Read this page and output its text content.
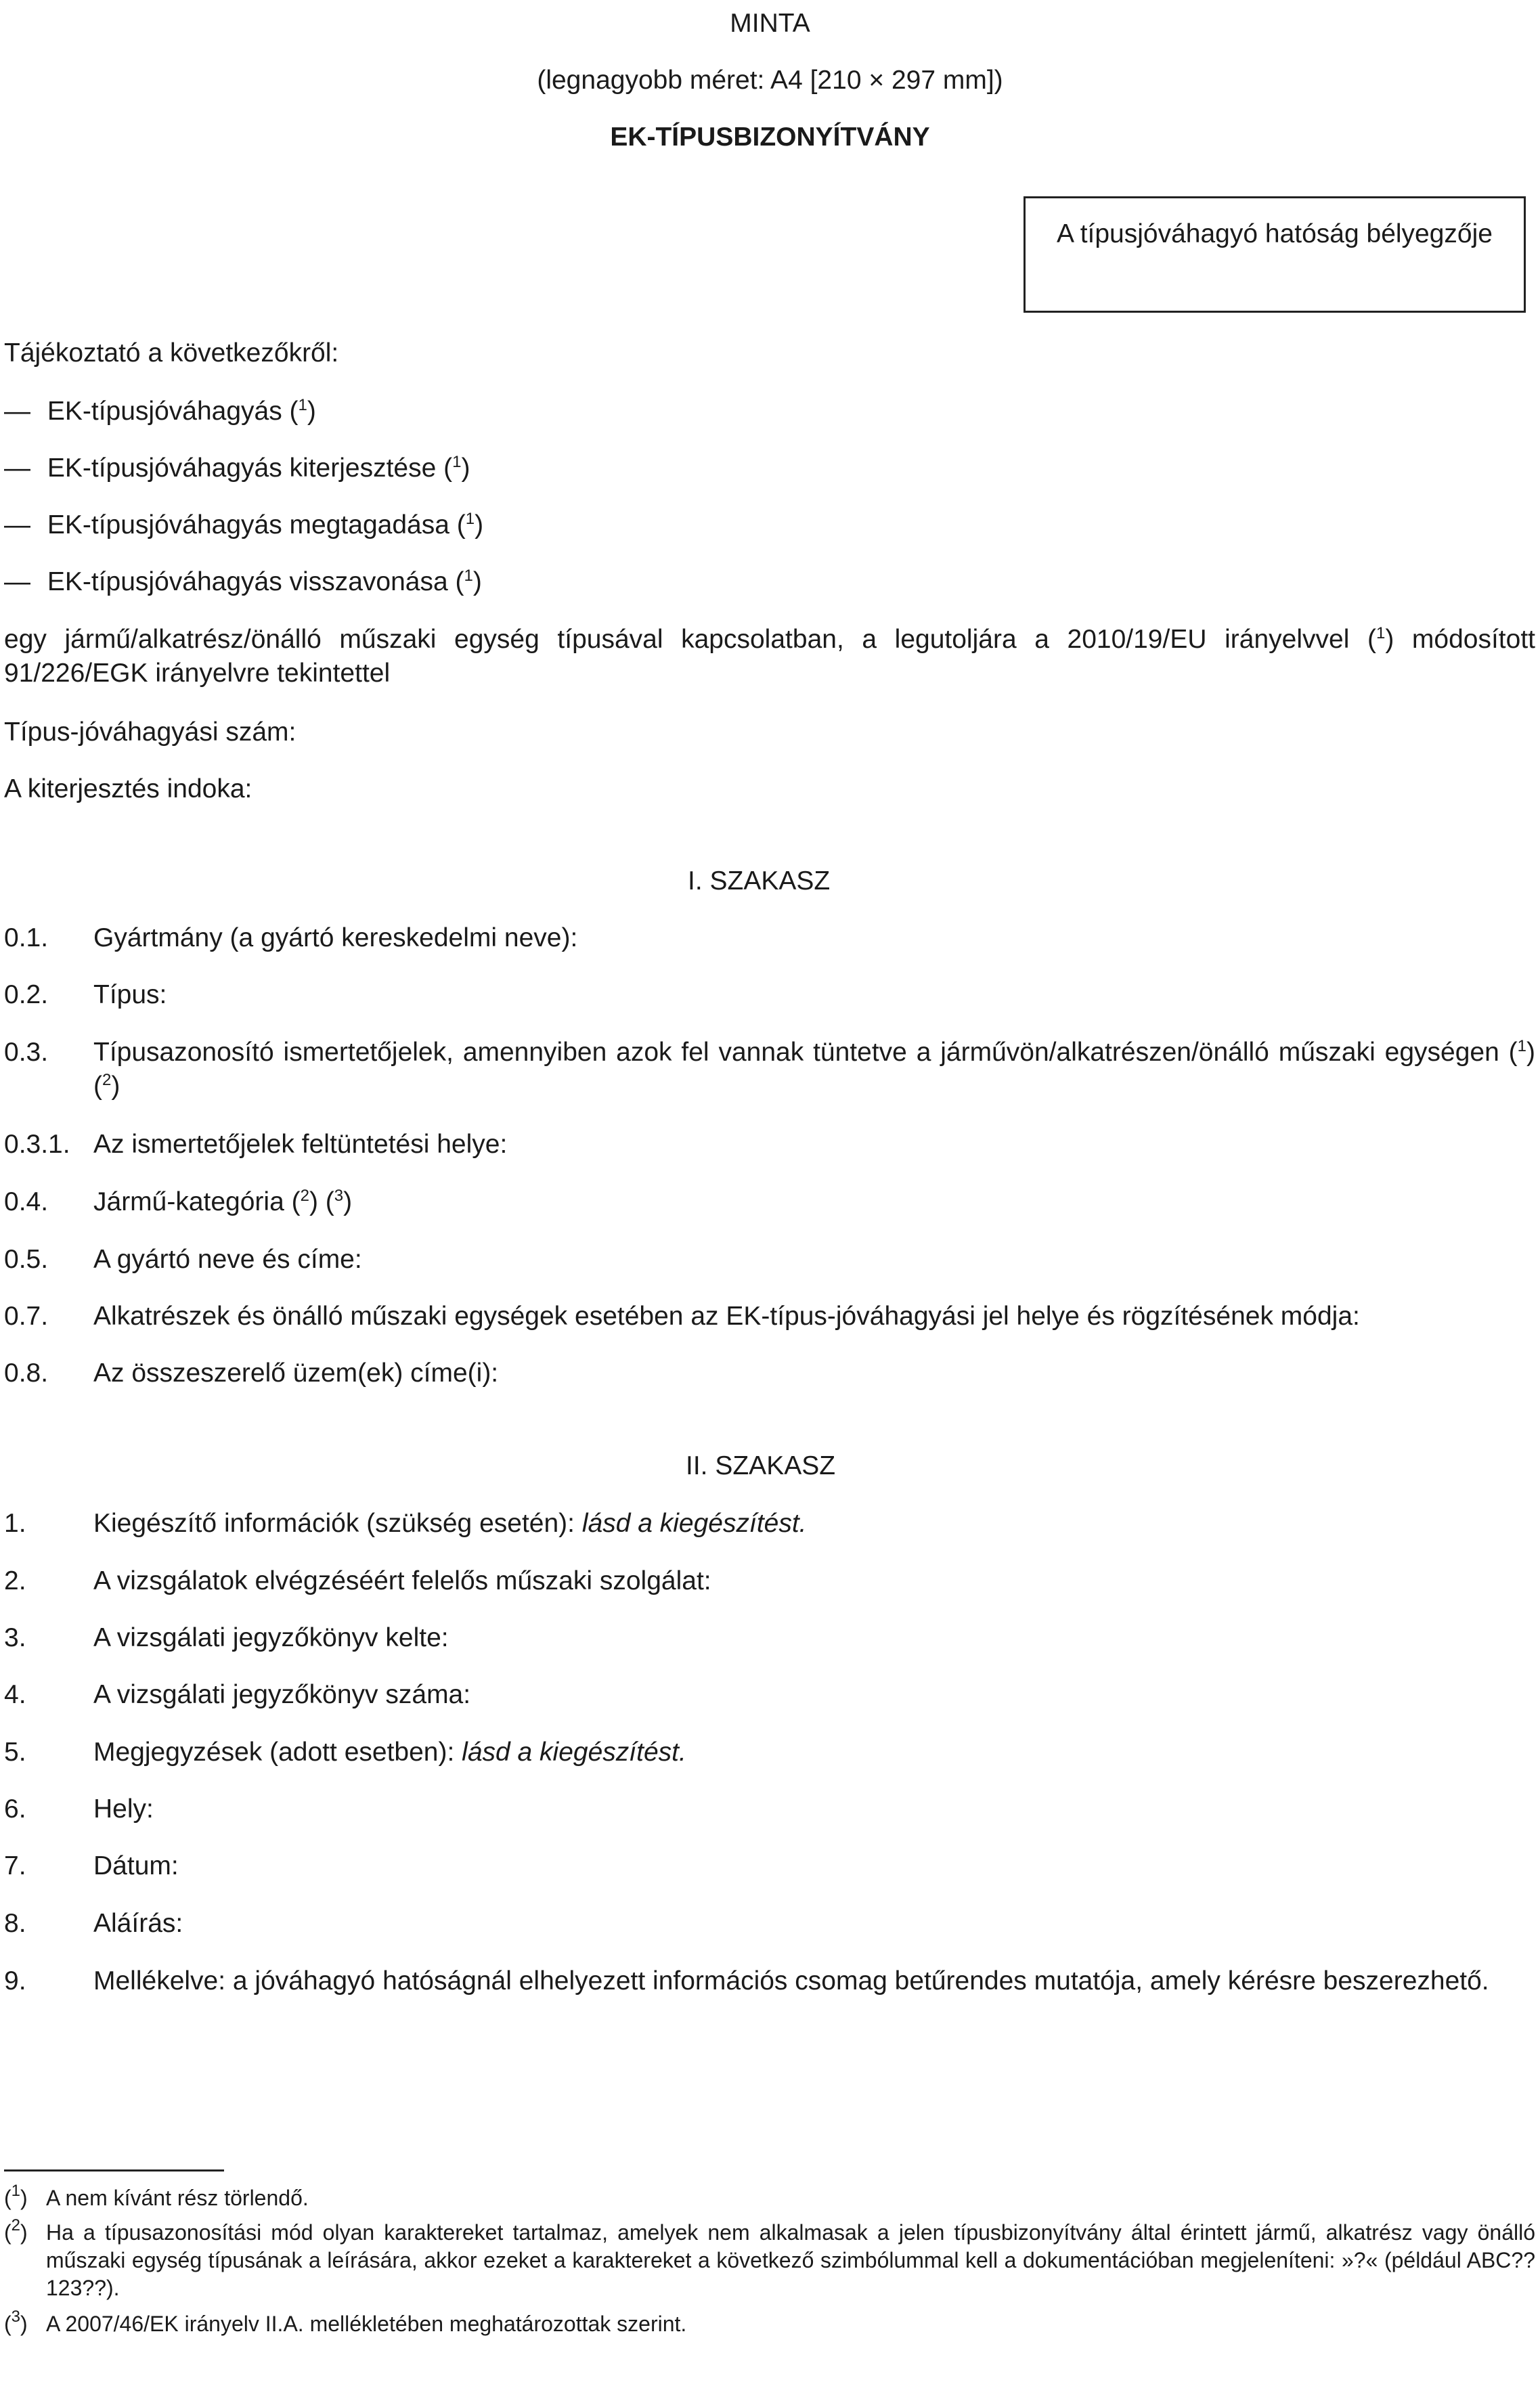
MINTA
(legnagyobb méret: A4 [210 × 297 mm])
EK-TÍPUSBIZONYÍTVÁNY
A típusjóváhagyó hatóság bélyegzője
Tájékoztató a következőkről:
— EK-típusjóváhagyás ($^1$)
— EK-típusjóváhagyás kiterjesztése ($^1$)
— EK-típusjóváhagyás megtagadása ($^1$)
— EK-típusjóváhagyás visszavonása ($^1$)
egy jármű/alkatrész/önálló műszaki egység típusával kapcsolatban, a legutoljára a 2010/19/EU irányelvvel ($^1$) módosított 91/226/EGK irányelvre tekintettel
Típus-jóváhagyási szám:
A kiterjesztés indoka:
I. SZAKASZ
0.1. Gyártmány (a gyártó kereskedelmi neve):
0.2. Típus:
0.3. Típusazonosító ismertetőjelek, amennyiben azok fel vannak tüntetve a járművön/alkatrészen/önálló műszaki egységen ($^1$) ($^2$)
0.3.1. Az ismertetőjelek feltüntetési helye:
0.4. Jármű-kategória ($^2$) ($^3$)
0.5. A gyártó neve és címe:
0.7. Alkatrészek és önálló műszaki egységek esetében az EK-típus-jóváhagyási jel helye és rögzítésének módja:
0.8. Az összeszerelő üzem(ek) címe(i):
II. SZAKASZ
1.	Kiegészítő információk (szükség esetén): lásd a kiegészítést.
2.	A vizsgálatok elvégzéséért felelős műszaki szolgálat:
3.	A vizsgálati jegyzőkönyv kelte:
4.	A vizsgálati jegyzőkönyv száma:
5.	Megjegyzések (adott esetben): lásd a kiegészítést.
6.	Hely:
7.	Dátum:
8.	Aláírás:
9.	Mellékelve: a jóváhagyó hatóságnál elhelyezett információs csomag betűrendes mutatója, amely kérésre beszerezhető.
($^1$) A nem kívánt rész törlendő.
($^2$) Ha a típusazonosítási mód olyan karaktereket tartalmaz, amelyek nem alkalmasak a jelen típusbizonyítvány által érintett jármű, alkatrész vagy önálló műszaki egység típusának a leírására, akkor ezeket a karaktereket a következő szimbólummal kell a dokumentációban megjeleníteni: »?« (például ABC??123??).
($^3$) A 2007/46/EK irányelv II.A. mellékletében meghatározottak szerint.
